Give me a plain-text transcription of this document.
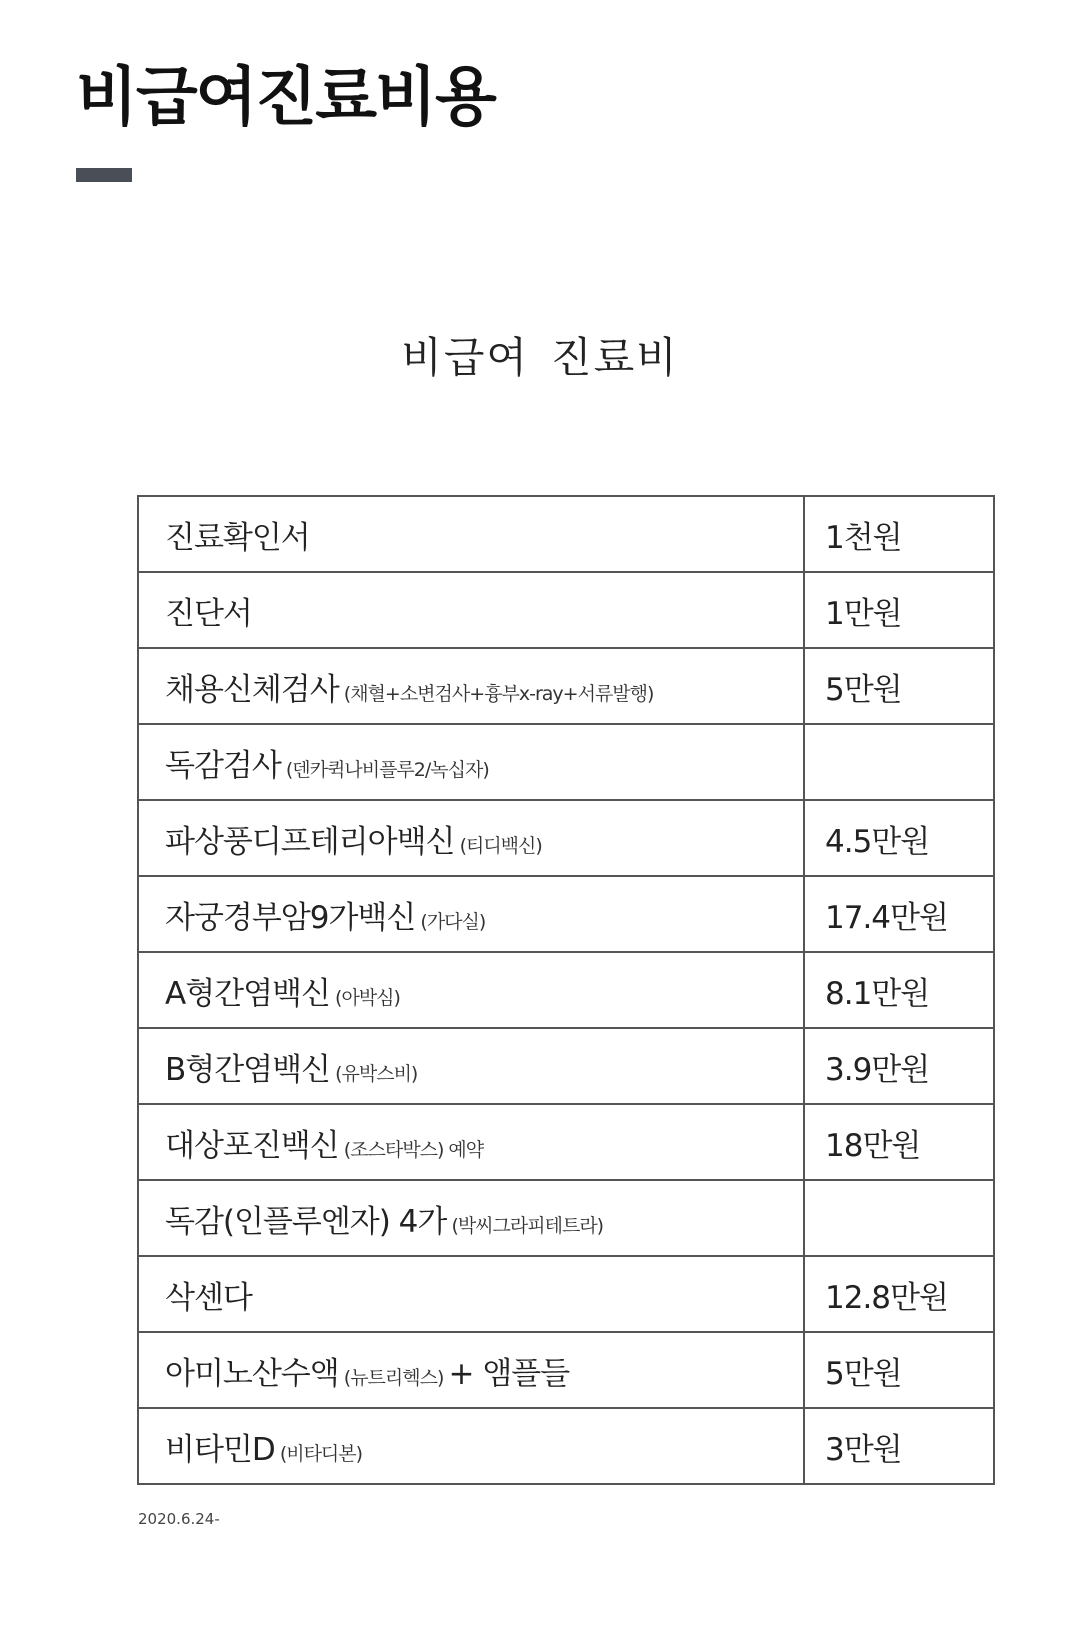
비급여진료비용
비급여 진료비
진료확인서	1천원
진단서	1만원
채용신체검사 (채혈+소변검사+흉부x-ray+서류발행)	5만원
독감검사 (덴카퀵나비플루2/녹십자)	
파상풍디프테리아백신 (티디백신)	4.5만원
자궁경부암9가백신 (가다실)	17.4만원
A형간염백신 (아박심)	8.1만원
B형간염백신 (유박스비)	3.9만원
대상포진백신 (조스타박스) 예약	18만원
독감(인플루엔자) 4가 (박씨그라피테트라)	
삭센다	12.8만원
아미노산수액 (뉴트리헥스) + 앰플들	5만원
비타민D (비타디본)	3만원
2020.6.24-
